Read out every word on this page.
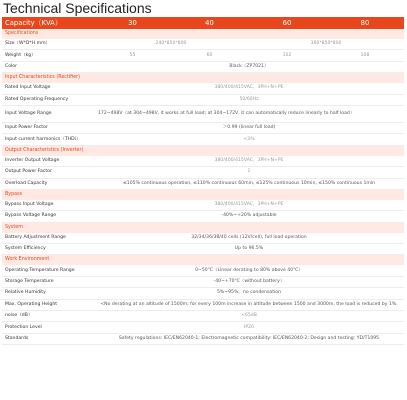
Technical Specifications
Capacity（KVA）	30	40	60	80
Specifications				
Size（W*D*H mm）	240*850*800		360*850*800	
Weight（kg）	55	60	102	108
Color	Black（ZP7021）			
Input Characteristics (Rectifier)				
Rated Input Voltage	380/400/415VAC，3PH+N+PE			
Rated Operating Frequency	50/60Hz			
Input Voltage Range	172~498V（at 304~498V, it works at full load; at 304~172V, it can automatically reduce linearly to half load）			
Input Power Factor	＞0.99 (linear full load)			
Input current harmonics（THDi）	<3%			
Output Characteristics (Inverter)				
Inverter Output Voltage	380/400/415VAC，3PH+N+PE			
Output Power Factor	1			
Overload Capacity	≤105% continuous operation, ≤110% continuous 60min, ≤125% continuous 10min, ≤150% continuous 1min			
Bypass				
Bypass Input Voltage	380/400/415VAC，3PH+N+PE			
Bypass Voltage Range	-40%~+20% adjustable			
System				
Battery Adjustment Range	32/34/36/38/40 cells (12V/cell), full load operation			
System Efficiency	Up to 96.5%			
Work Environment				
Operating Temperature Range	0~50℃（Linear derating to 80% above 40℃）			
Storage Temperature	-40~+70℃（without battery）			
Relative Humidity	5%~95%，no condensation			
Max. Operating Height	<No derating at an altitude of 1500m; for every 100m increase in altitude between 1500 and 3000m, the load is reduced by 1%.			
noise（dB）	<65dB			
Protection Level	IP20			
Standards	Safety regulations: IEC/EN62040-1; Electromagnetic compatibility: IEC/EN62040-2; Design and testing: YD/T1095			
